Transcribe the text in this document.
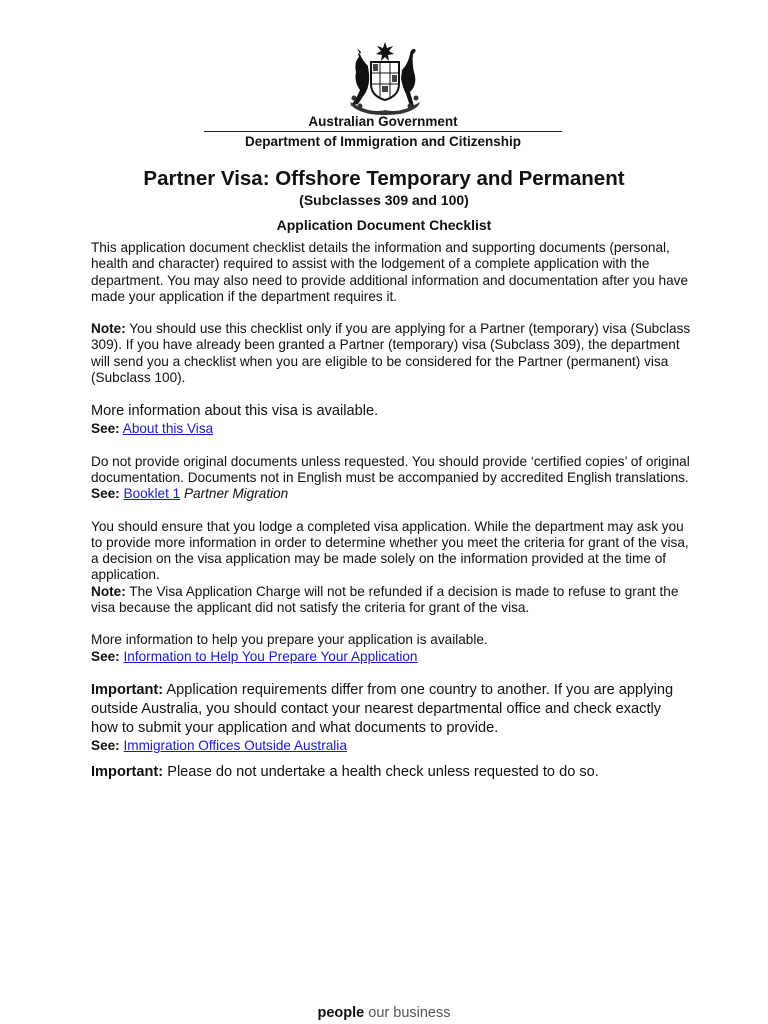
Australian Government
Department of Immigration and Citizenship
Partner Visa: Offshore Temporary and Permanent
(Subclasses 309 and 100)
Application Document Checklist

This application document checklist details the information and supporting documents (personal, health and character) required to assist with the lodgement of a complete application with the department. You may also need to provide additional information and documentation after you have made your application if the department requires it.

Note: You should use this checklist only if you are applying for a Partner (temporary) visa (Subclass 309). If you have already been granted a Partner (temporary) visa (Subclass 309), the department will send you a checklist when you are eligible to be considered for the Partner (permanent) visa (Subclass 100).

More information about this visa is available.

See: About this Visa

Do not provide original documents unless requested. You should provide ‘certified copies’ of original documentation. Documents not in English must be accompanied by accredited English translations.

See: Booklet 1 Partner Migration

You should ensure that you lodge a completed visa application. While the department may ask you to provide more information in order to determine whether you meet the criteria for grant of the visa, a decision on the visa application may be made solely on the information provided at the time of application.

Note: The Visa Application Charge will not be refunded if a decision is made to refuse to grant the visa because the applicant did not satisfy the criteria for grant of the visa.

More information to help you prepare your application is available.

See: Information to Help You Prepare Your Application

Important: Application requirements differ from one country to another. If you are applying outside Australia, you should contact your nearest departmental office and check exactly how to submit your application and what documents to provide.

See: Immigration Offices Outside Australia

Important: Please do not undertake a health check unless requested to do so.

people our business
